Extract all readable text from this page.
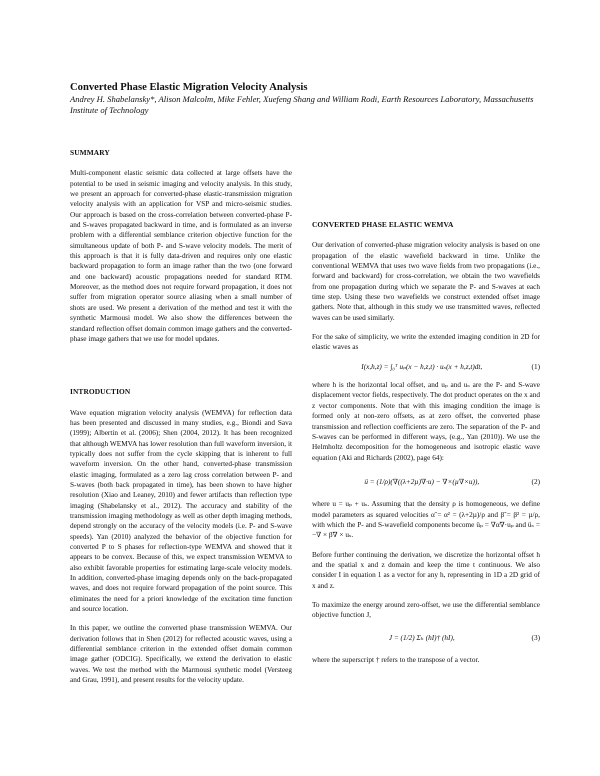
Converted Phase Elastic Migration Velocity Analysis
Andrey H. Shabelansky*, Alison Malcolm, Mike Fehler, Xuefeng Shang and William Rodi, Earth Resources Laboratory, Massachusetts Institute of Technology
SUMMARY

Multi-component elastic seismic data collected at large offsets have the potential to be used in seismic imaging and velocity analysis. In this study, we present an approach for converted-phase elastic-transmission migration velocity analysis with an application for VSP and micro-seismic studies. Our approach is based on the cross-correlation between converted-phase P- and S-waves propagated backward in time, and is formulated as an inverse problem with a differential semblance criterion objective function for the simultaneous update of both P- and S-wave velocity models. The merit of this approach is that it is fully data-driven and requires only one elastic backward propagation to form an image rather than the two (one forward and one backward) acoustic propagations needed for standard RTM. Moreover, as the method does not require forward propagation, it does not suffer from migration operator source aliasing when a small number of shots are used. We present a derivation of the method and test it with the synthetic Marmousi model. We also show the differences between the standard reflection offset domain common image gathers and the converted-phase image gathers that we use for model updates.

INTRODUCTION

Wave equation migration velocity analysis (WEMVA) for reflection data has been presented and discussed in many studies, e.g., Biondi and Sava (1999); Albertin et al. (2006); Shen (2004, 2012). It has been recognized that although WEMVA has lower resolution than full waveform inversion, it typically does not suffer from the cycle skipping that is inherent to full waveform inversion. On the other hand, converted-phase transmission elastic imaging, formulated as a zero lag cross correlation between P- and S-waves (both back propagated in time), has been shown to have higher resolution (Xiao and Leaney, 2010) and fewer artifacts than reflection type imaging (Shabelansky et al., 2012). The accuracy and stability of the transmission imaging methodology as well as other depth imaging methods, depend strongly on the accuracy of the velocity models (i.e. P- and S-wave speeds). Yan (2010) analyzed the behavior of the objective function for converted P to S phases for reflection-type WEMVA and showed that it appears to be convex. Because of this, we expect transmission WEMVA to also exhibit favorable properties for estimating large-scale velocity models. In addition, converted-phase imaging depends only on the back-propagated waves, and does not require forward propagation of the point source. This eliminates the need for a priori knowledge of the excitation time function and source location.

In this paper, we outline the converted phase transmission WEMVA. Our derivation follows that in Shen (2012) for reflected acoustic waves, using a differential semblance criterion in the extended offset domain common image gather (ODCIG). Specifically, we extend the derivation to elastic waves. We test the method with the Marmousi synthetic model (Versteeg and Grau, 1991), and present results for the velocity update.

CONVERTED PHASE ELASTIC WEMVA

Our derivation of converted-phase migration velocity analysis is based on one propagation of the elastic wavefield backward in time. Unlike the conventional WEMVA that uses two wave fields from two propagations (i.e., forward and backward) for cross-correlation, we obtain the two wavefields from one propagation during which we separate the P- and S-waves at each time step. Using these two wavefields we construct extended offset image gathers. Note that, although in this study we use transmitted waves, reflected waves can be used similarly.

For the sake of simplicity, we write the extended imaging condition in 2D for elastic waves as

I(x,h,z) = ∫₀ᵀ uₚ(x − h,z,t) · uₛ(x + h,z,t)dt,	(1)

where h is the horizontal local offset, and uₚ and uₛ are the P- and S-wave displacement vector fields, respectively. The dot product operates on the x and z vector components. Note that with this imaging condition the image is formed only at non-zero offsets, as at zero offset, the converted phase transmission and reflection coefficients are zero. The separation of the P- and S-waves can be performed in different ways, (e.g., Yan (2010)). We use the Helmholtz decomposition for the homogeneous and isotropic elastic wave equation (Aki and Richards (2002), page 64):

ü = (1/ρ)(∇((λ+2µ)∇·u) − ∇×(µ∇×u)),	(2)

where u = uₚ + uₛ. Assuming that the density ρ is homogeneous, we define model parameters as squared velocities α̃ = α² = (λ+2µ)/ρ and β̃ = β² = µ/ρ, with which the P- and S-wavefield components become üₚ = ∇α̃∇·uₚ and üₛ = −∇ × β̃∇ × uₛ.

Before further continuing the derivation, we discretize the horizontal offset h and the spatial x and z domain and keep the time t continuous. We also consider I in equation 1 as a vector for any h, representing in 1D a 2D grid of x and z.

To maximize the energy around zero-offset, we use the differential semblance objective function J,

J = (1/2) Σₕ (hI)† (hI),	(3)

where the superscript † refers to the transpose of a vector.
